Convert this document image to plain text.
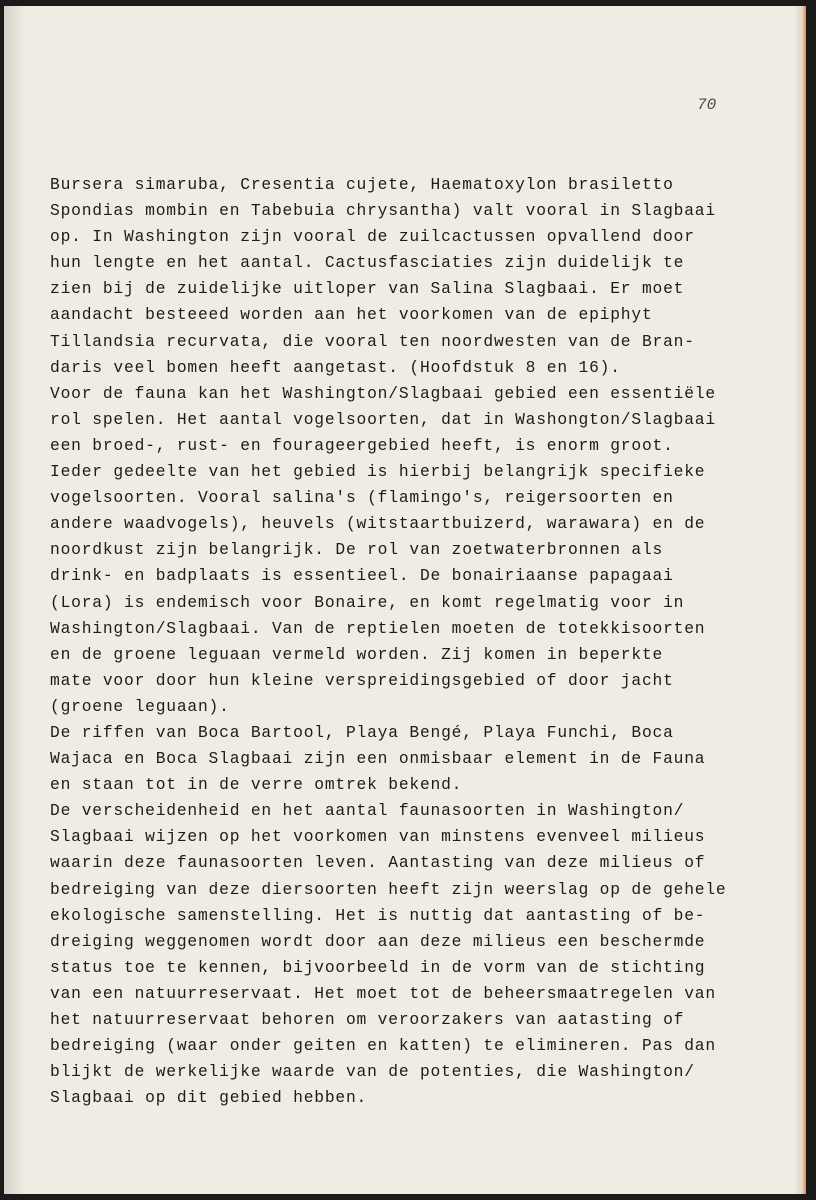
70
Bursera simaruba, Cresentia cujete, Haematoxylon brasiletto
Spondias mombin en Tabebuia chrysantha) valt vooral in Slagbaai
op. In Washington zijn vooral de zuilcactussen opvallend door
hun lengte en het aantal. Cactusfasciaties zijn duidelijk te
zien bij de zuidelijke uitloper van Salina Slagbaai. Er moet
aandacht besteeed worden aan het voorkomen van de epiphyt
Tillandsia recurvata, die vooral ten noordwesten van de Bran-
daris veel bomen heeft aangetast. (Hoofdstuk 8 en 16).
Voor de fauna kan het Washington/Slagbaai gebied een essentiële
rol spelen. Het aantal vogelsoorten, dat in Washongton/Slagbaai
een broed-, rust- en fourageergebied heeft, is enorm groot.
Ieder gedeelte van het gebied is hierbij belangrijk specifieke
vogelsoorten. Vooral salina's (flamingo's, reigersoorten en
andere waadvogels), heuvels (witstaartbuizerd, warawara) en de
noordkust zijn belangrijk. De rol van zoetwaterbronnen als
drink- en badplaats is essentieel. De bonairiaanse papagaai
(Lora) is endemisch voor Bonaire, en komt regelmatig voor in
Washington/Slagbaai. Van de reptielen moeten de totekkisoorten
en de groene leguaan vermeld worden. Zij komen in beperkte
mate voor door hun kleine verspreidingsgebied of door jacht
(groene leguaan).
De riffen van Boca Bartool, Playa Bengé, Playa Funchi, Boca
Wajaca en Boca Slagbaai zijn een onmisbaar element in de Fauna
en staan tot in de verre omtrek bekend.
De verscheidenheid en het aantal faunasoorten in Washington/
Slagbaai wijzen op het voorkomen van minstens evenveel milieus
waarin deze faunasoorten leven. Aantasting van deze milieus of
bedreiging van deze diersoorten heeft zijn weerslag op de gehele
ekologische samenstelling. Het is nuttig dat aantasting of be-
dreiging weggenomen wordt door aan deze milieus een beschermde
status toe te kennen, bijvoorbeeld in de vorm van de stichting
van een natuurreservaat. Het moet tot de beheersmaatregelen van
het natuurreservaat behoren om veroorzakers van aatasting of
bedreiging (waar onder geiten en katten) te elimineren. Pas dan
blijkt de werkelijke waarde van de potenties, die Washington/
Slagbaai op dit gebied hebben.
